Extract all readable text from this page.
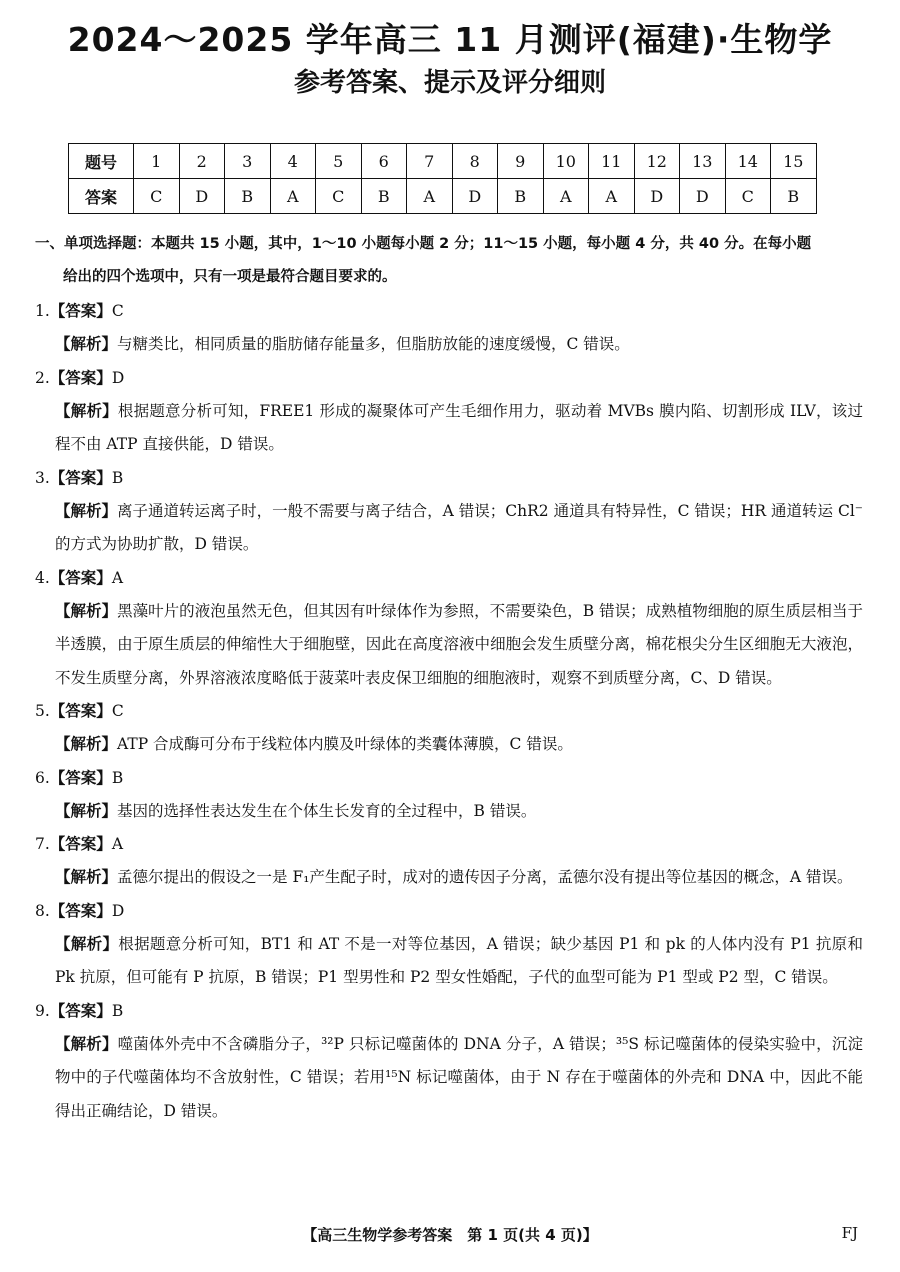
2024～2025 学年高三 11 月测评(福建)·生物学
参考答案、提示及评分细则
题号	1	2	3	4	5	6	7	8	9	10	11	12	13	14	15
答案	C	D	B	A	C	B	A	D	B	A	A	D	D	C	B
一、单项选择题：本题共 15 小题，其中，1～10 小题每小题 2 分；11～15 小题，每小题 4 分，共 40 分。在每小题
给出的四个选项中，只有一项是最符合题目要求的。
1.【答案】C
【解析】与糖类比，相同质量的脂肪储存能量多，但脂肪放能的速度缓慢，C 错误。
2.【答案】D
【解析】根据题意分析可知，FREE1 形成的凝聚体可产生毛细作用力，驱动着 MVBs 膜内陷、切割形成 ILV，该过程不由 ATP 直接供能，D 错误。
3.【答案】B
【解析】离子通道转运离子时，一般不需要与离子结合，A 错误；ChR2 通道具有特异性，C 错误；HR 通道转运 Cl⁻ 的方式为协助扩散，D 错误。
4.【答案】A
【解析】黑藻叶片的液泡虽然无色，但其因有叶绿体作为参照，不需要染色，B 错误；成熟植物细胞的原生质层相当于半透膜，由于原生质层的伸缩性大于细胞壁，因此在高度溶液中细胞会发生质壁分离，棉花根尖分生区细胞无大液泡，不发生质壁分离，外界溶液浓度略低于菠菜叶表皮保卫细胞的细胞液时，观察不到质壁分离，C、D 错误。
5.【答案】C
【解析】ATP 合成酶可分布于线粒体内膜及叶绿体的类囊体薄膜，C 错误。
6.【答案】B
【解析】基因的选择性表达发生在个体生长发育的全过程中，B 错误。
7.【答案】A
【解析】孟德尔提出的假设之一是 F₁产生配子时，成对的遗传因子分离，孟德尔没有提出等位基因的概念，A 错误。
8.【答案】D
【解析】根据题意分析可知，BT1 和 AT 不是一对等位基因，A 错误；缺少基因 P1 和 pk 的人体内没有 P1 抗原和 Pk 抗原，但可能有 P 抗原，B 错误；P1 型男性和 P2 型女性婚配，子代的血型可能为 P1 型或 P2 型，C 错误。
9.【答案】B
【解析】噬菌体外壳中不含磷脂分子，³²P 只标记噬菌体的 DNA 分子，A 错误；³⁵S 标记噬菌体的侵染实验中，沉淀物中的子代噬菌体均不含放射性，C 错误；若用¹⁵N 标记噬菌体，由于 N 存在于噬菌体的外壳和 DNA 中，因此不能得出正确结论，D 错误。
【高三生物学参考答案　第 1 页(共 4 页)】	FJ
